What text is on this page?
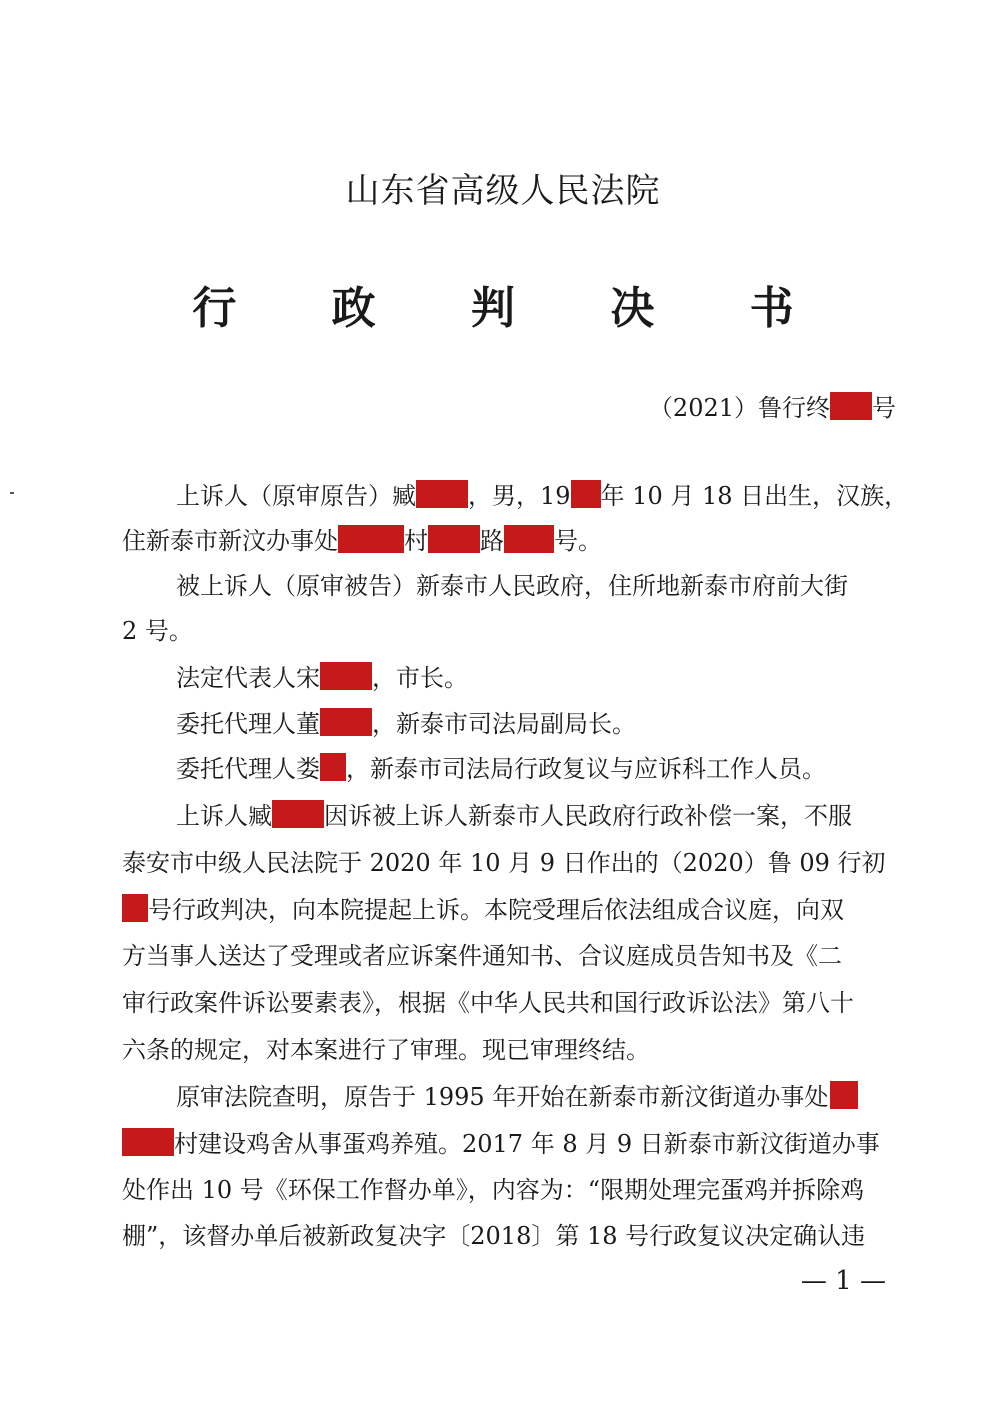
山东省高级人民法院
行 政 判 决 书
（2021）鲁行终 号
上诉人（原审原告）臧 ，男，19 年 10 月 18 日出生，汉族，
住新泰市新汶办事处	村 路 号。
被上诉人（原审被告）新泰市人民政府，住所地新泰市府前大街
2 号。
法定代表人宋 ，市长。
委托代理人董 ，新泰市司法局副局长。
委托代理人娄 ，新泰市司法局行政复议与应诉科工作人员。
上诉人臧 因诉被上诉人新泰市人民政府行政补偿一案，不服
泰安市中级人民法院于 2020 年 10 月 9 日作出的（2020）鲁 09 行初
号行政判决，向本院提起上诉。本院受理后依法组成合议庭，向双
方当事人送达了受理或者应诉案件通知书、合议庭成员告知书及《二
审行政案件诉讼要素表》，根据《中华人民共和国行政诉讼法》第八十
六条的规定，对本案进行了审理。现已审理终结。
原审法院查明，原告于 1995 年开始在新泰市新汶街道办事处
村建设鸡舍从事蛋鸡养殖。2017 年 8 月 9 日新泰市新汶街道办事
处作出 10 号《环保工作督办单》，内容为：“限期处理完蛋鸡并拆除鸡
棚”，该督办单后被新政复决字〔2018〕第 18 号行政复议决定确认违
— 1 —
